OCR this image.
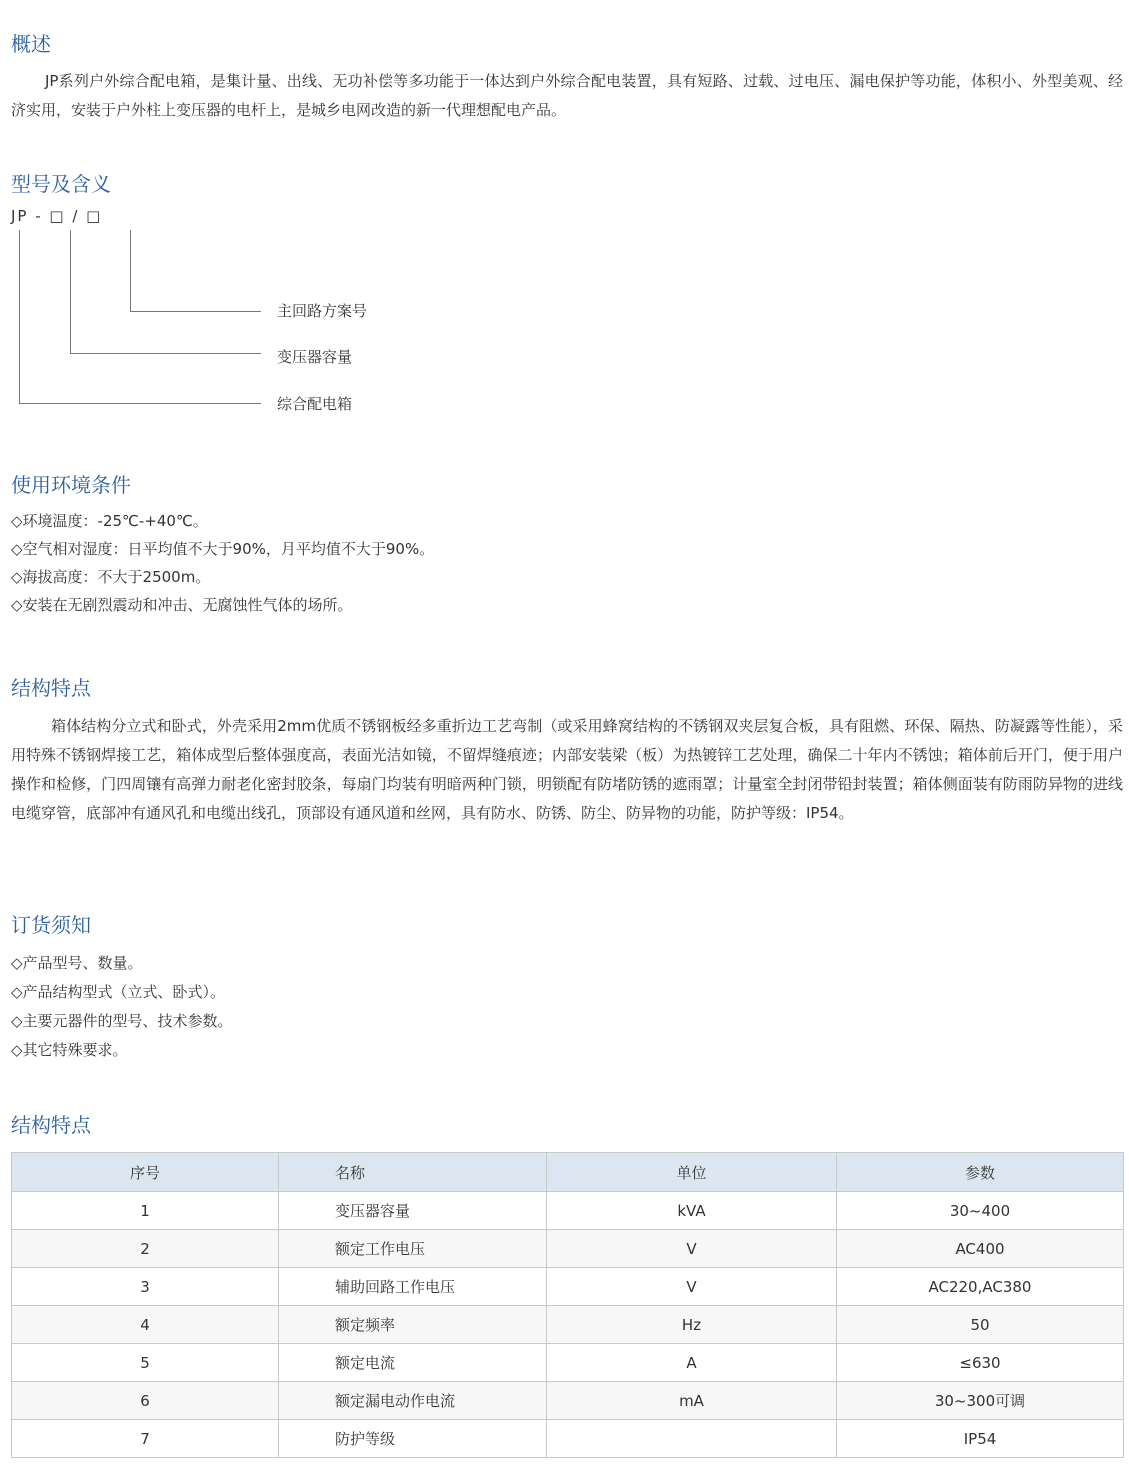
概述

JP系列户外综合配电箱，是集计量、出线、无功补偿等多功能于一体达到户外综合配电装置，具有短路、过载、过电压、漏电保护等功能，体积小、外型美观、经济实用，安装于户外柱上变压器的电杆上，是城乡电网改造的新一代理想配电产品。

型号及含义
JP - □ / □
主回路方案号
变压器容量
综合配电箱
使用环境条件
◇环境温度：-25℃-+40℃。
◇空气相对湿度：日平均值不大于90%，月平均值不大于90%。
◇海拔高度：不大于2500m。
◇安装在无剧烈震动和冲击、无腐蚀性气体的场所。
结构特点

箱体结构分立式和卧式，外壳采用2mm优质不锈钢板经多重折边工艺弯制（或采用蜂窝结构的不锈钢双夹层复合板，具有阻燃、环保、隔热、防凝露等性能），采用特殊不锈钢焊接工艺，箱体成型后整体强度高，表面光洁如镜，不留焊缝痕迹；内部安装梁（板）为热镀锌工艺处理，确保二十年内不锈蚀；箱体前后开门，便于用户操作和检修，门四周镶有高弹力耐老化密封胶条，每扇门均装有明暗两种门锁，明锁配有防堵防锈的遮雨罩；计量室全封闭带铅封装置；箱体侧面装有防雨防异物的进线电缆穿管，底部冲有通风孔和电缆出线孔，顶部设有通风道和丝网，具有防水、防锈、防尘、防异物的功能，防护等级：IP54。

订货须知
◇产品型号、数量。
◇产品结构型式（立式、卧式）。
◇主要元器件的型号、技术参数。
◇其它特殊要求。
结构特点
序号	名称	单位	参数
1	变压器容量	kVA	30~400
2	额定工作电压	V	AC400
3	辅助回路工作电压	V	AC220,AC380
4	额定频率	Hz	50
5	额定电流	A	≤630
6	额定漏电动作电流	mA	30~300可调
7	防护等级		IP54
